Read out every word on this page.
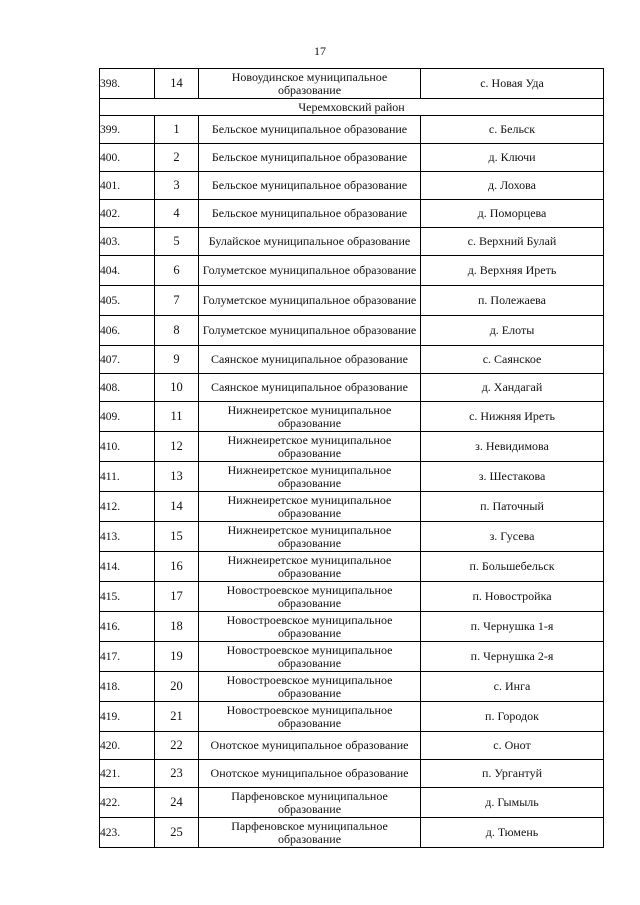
17
398.	14	Новоудинское муниципальное образование	с. Новая Уда
Черемховский район			
399.	1	Бельское муниципальное образование	с. Бельск
400.	2	Бельское муниципальное образование	д. Ключи
401.	3	Бельское муниципальное образование	д. Лохова
402.	4	Бельское муниципальное образование	д. Поморцева
403.	5	Булайское муниципальное образование	с. Верхний Булай
404.	6	Голуметское муниципальное образование	д. Верхняя Иреть
405.	7	Голуметское муниципальное образование	п. Полежаева
406.	8	Голуметское муниципальное образование	д. Елоты
407.	9	Саянское муниципальное образование	с. Саянское
408.	10	Саянское муниципальное образование	д. Хандагай
409.	11	Нижнеиретское муниципальное образование	с. Нижняя Иреть
410.	12	Нижнеиретское муниципальное образование	з. Невидимова
411.	13	Нижнеиретское муниципальное образование	з. Шестакова
412.	14	Нижнеиретское муниципальное образование	п. Паточный
413.	15	Нижнеиретское муниципальное образование	з. Гусева
414.	16	Нижнеиретское муниципальное образование	п. Большебельск
415.	17	Новостроевское муниципальное образование	п. Новостройка
416.	18	Новостроевское муниципальное образование	п. Чернушка 1-я
417.	19	Новостроевское муниципальное образование	п. Чернушка 2-я
418.	20	Новостроевское муниципальное образование	с. Инга
419.	21	Новостроевское муниципальное образование	п. Городок
420.	22	Онотское муниципальное образование	с. Онот
421.	23	Онотское муниципальное образование	п. Ургантуй
422.	24	Парфеновское муниципальное образование	д. Гымыль
423.	25	Парфеновское муниципальное образование	д. Тюмень
